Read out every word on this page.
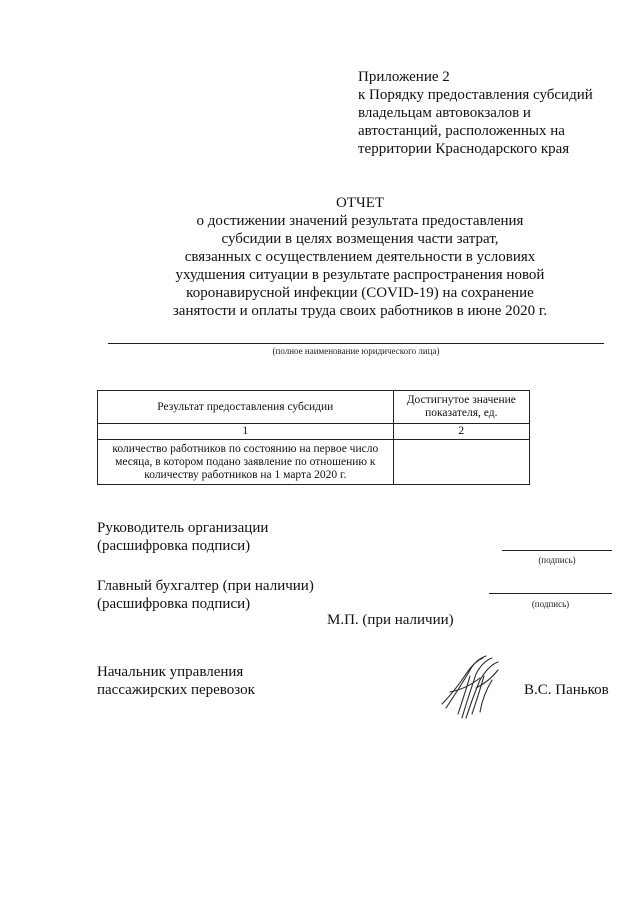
Приложение 2
к Порядку предоставления субсидий
владельцам автовокзалов и
автостанций, расположенных на
территории Краснодарского края
ОТЧЕТ
о достижении значений результата предоставления
субсидии в целях возмещения части затрат,
связанных с осуществлением деятельности в условиях
ухудшения ситуации в результате распространения новой
коронавирусной инфекции (COVID-19) на сохранение
занятости и оплаты труда своих работников в июне 2020 г.
(полное наименование юридического лица)
Результат предоставления субсидии	Достигнутое значение показателя, ед.
1	2
количество работников по состоянию на первое число месяца, в котором подано заявление по отношению к количеству работников на 1 марта 2020 г.	
Руководитель организации
(расшифровка подписи)
(подпись)
Главный бухгалтер (при наличии)
(расшифровка подписи)	(подпись)
М.П. (при наличии)
Начальник управления
пассажирских перевозок	В.С. Паньков
